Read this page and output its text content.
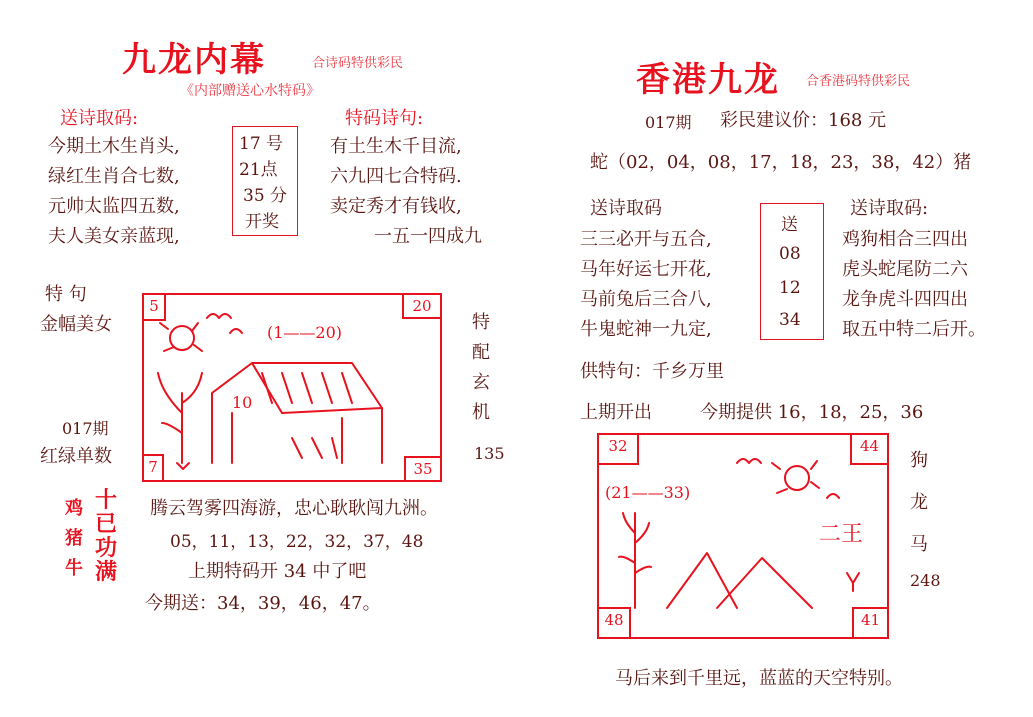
九龙内幕	合诗码特供彩民
《内部赠送心水特码》
送诗取码:
今期土木生肖头,
绿红生肖合七数,
元帅太监四五数,
夫人美女亲蓝现,
17 号
21点
35 分
开奖
特码诗句:
有土生木千目流,
六九四七合特码.
卖定秀才有钱收,
一五一四成九
特 句
金幅美女
017期
红绿单数
5	20
7	35
10
(1——20)	特
配
玄
机
135
鸡
猪
牛
十
已
功
满
腾云驾雾四海游，忠心耿耿闯九洲。
05，11，13，22，32，37，48
上期特码开 34 中了吧
今期送：34，39，46，47。
香港九龙 合香港码特供彩民
017期 彩民建议价：168 元
蛇（02，04，08，17，18，23，38，42）猪
送诗取码
三三必开与五合,
马年好运七开花,
马前兔后三合八,
牛鬼蛇神一九定,
送
08
12
34
送诗取码:
鸡狗相合三四出
虎头蛇尾防二六
龙争虎斗四四出
取五中特二后开。
供特句：千乡万里
上期开出	今期提供 16，18，25，36
32	44
48	41
(21——33)
二王
狗
龙
马
248
马后来到千里远，蓝蓝的天空特别。
